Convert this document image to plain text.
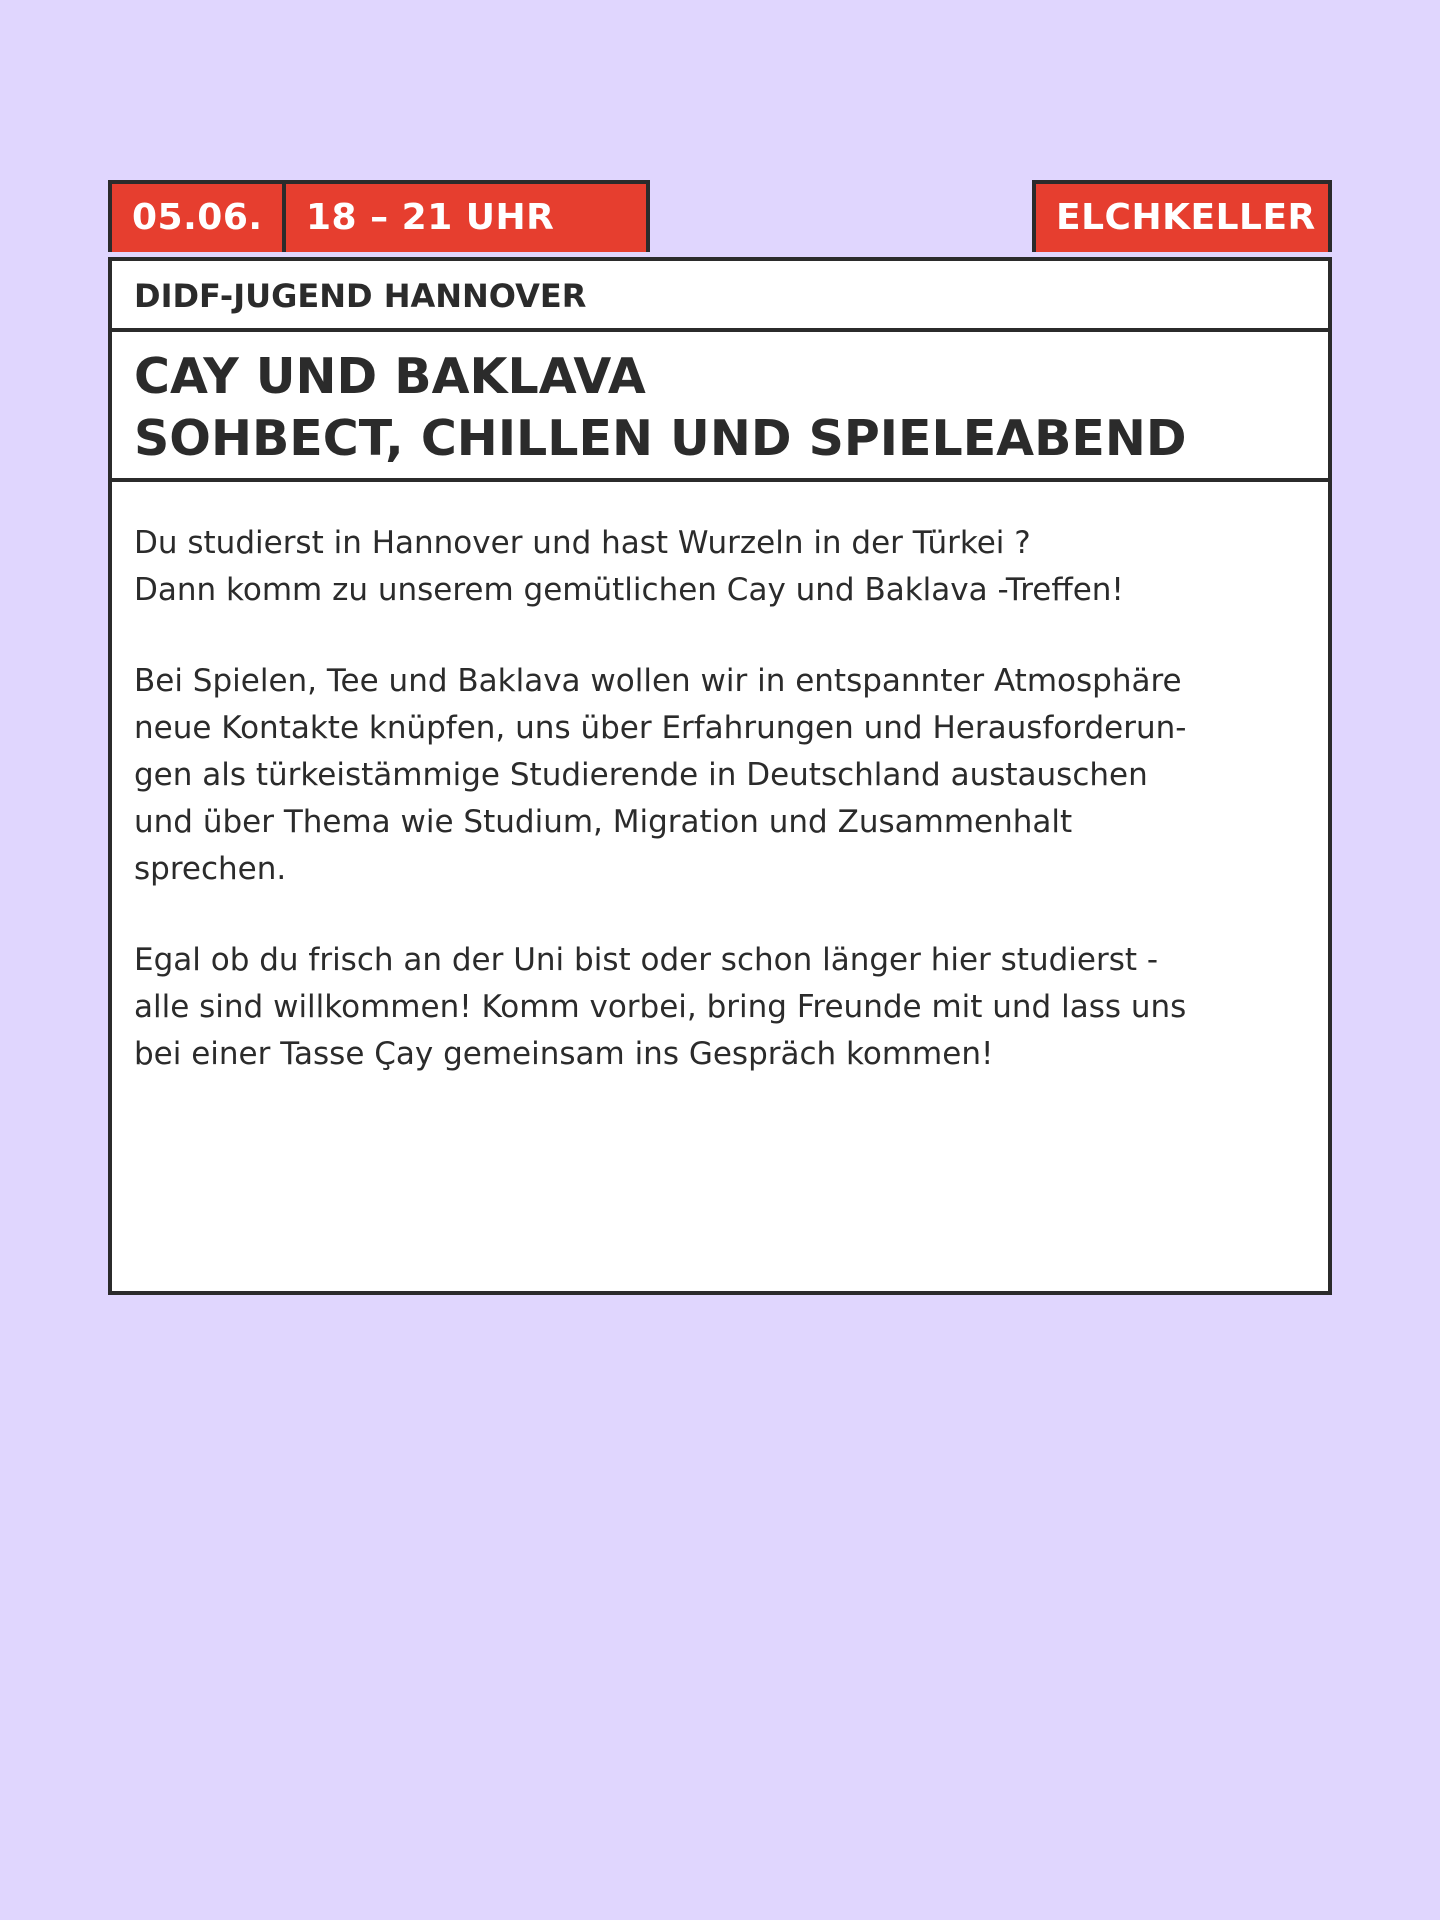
05.06.	18 – 21 UHR	ELCHKELLER
DIDF-JUGEND HANNOVER
CAY UND BAKLAVA
SOHBECT, CHILLEN UND SPIELEABEND

Du studierst in Hannover und hast Wurzeln in der Türkei ?
Dann komm zu unserem gemütlichen Cay und Baklava -Treffen!

Bei Spielen, Tee und Baklava wollen wir in entspannter Atmosphäre
neue Kontakte knüpfen, uns über Erfahrungen und Herausforderun-
gen als türkeistämmige Studierende in Deutschland austauschen
und über Thema wie Studium, Migration und Zusammenhalt
sprechen.

Egal ob du frisch an der Uni bist oder schon länger hier studierst -
alle sind willkommen! Komm vorbei, bring Freunde mit und lass uns
bei einer Tasse Çay gemeinsam ins Gespräch kommen!
